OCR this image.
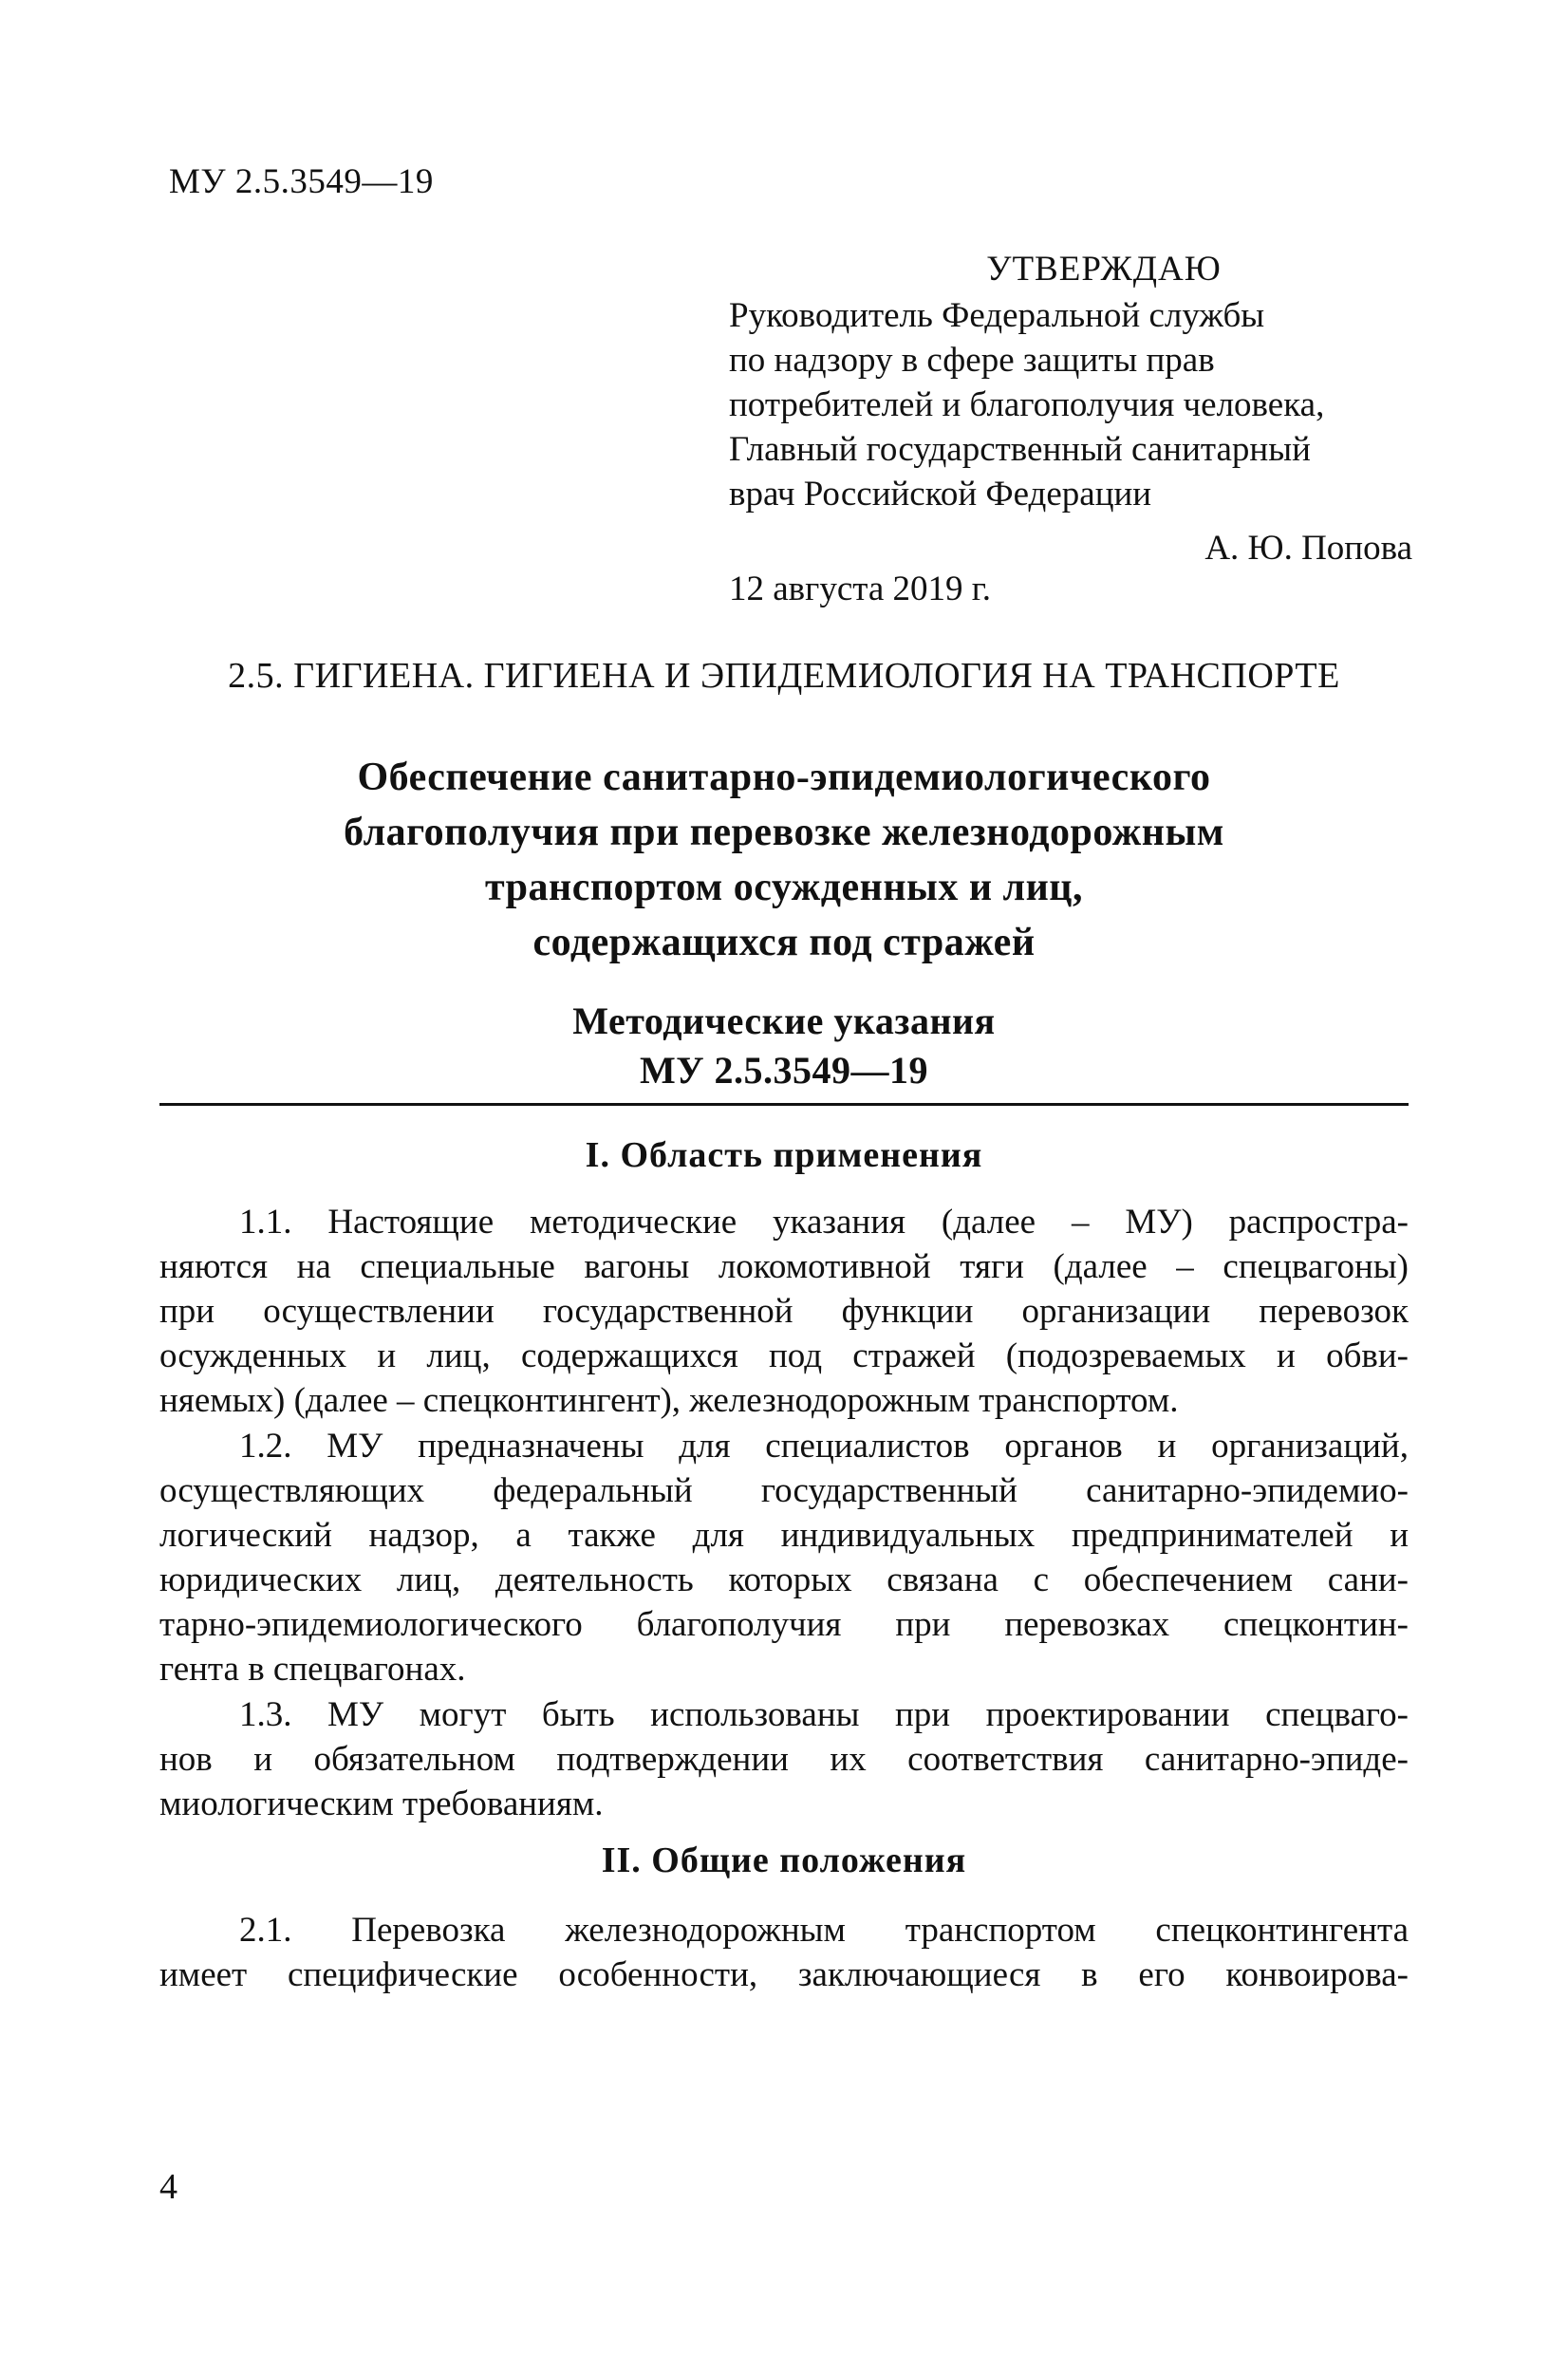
МУ 2.5.3549—19
УТВЕРЖДАЮ
Руководитель Федеральной службы
по надзору в сфере защиты прав
потребителей и благополучия человека,
Главный государственный санитарный
врач Российской Федерации
А. Ю. Попова
12 августа 2019 г.
2.5. ГИГИЕНА. ГИГИЕНА И ЭПИДЕМИОЛОГИЯ НА ТРАНСПОРТЕ
Обеспечение санитарно-эпидемиологического
благополучия при перевозке железнодорожным
транспортом осужденных и лиц,
содержащихся под стражей
Методические указания
МУ 2.5.3549—19
I. Область применения

1.1. Настоящие методические указания (далее – МУ) распростра-
няются на специальные вагоны локомотивной тяги (далее – спецвагоны)
при осуществлении государственной функции организации перевозок
осужденных и лиц, содержащихся под стражей (подозреваемых и обви-
няемых) (далее – спецконтингент), железнодорожным транспортом.

1.2. МУ предназначены для специалистов органов и организаций,
осуществляющих федеральный государственный санитарно-эпидемио-
логический надзор, а также для индивидуальных предпринимателей и
юридических лиц, деятельность которых связана с обеспечением сани-
тарно-эпидемиологического благополучия при перевозках спецконтин-
гента в спецвагонах.

1.3. МУ могут быть использованы при проектировании спецваго-
нов и обязательном подтверждении их соответствия санитарно-эпиде-
миологическим требованиям.

II. Общие положения

2.1. Перевозка железнодорожным транспортом спецконтингента
имеет специфические особенности, заключающиеся в его конвоирова-

4
